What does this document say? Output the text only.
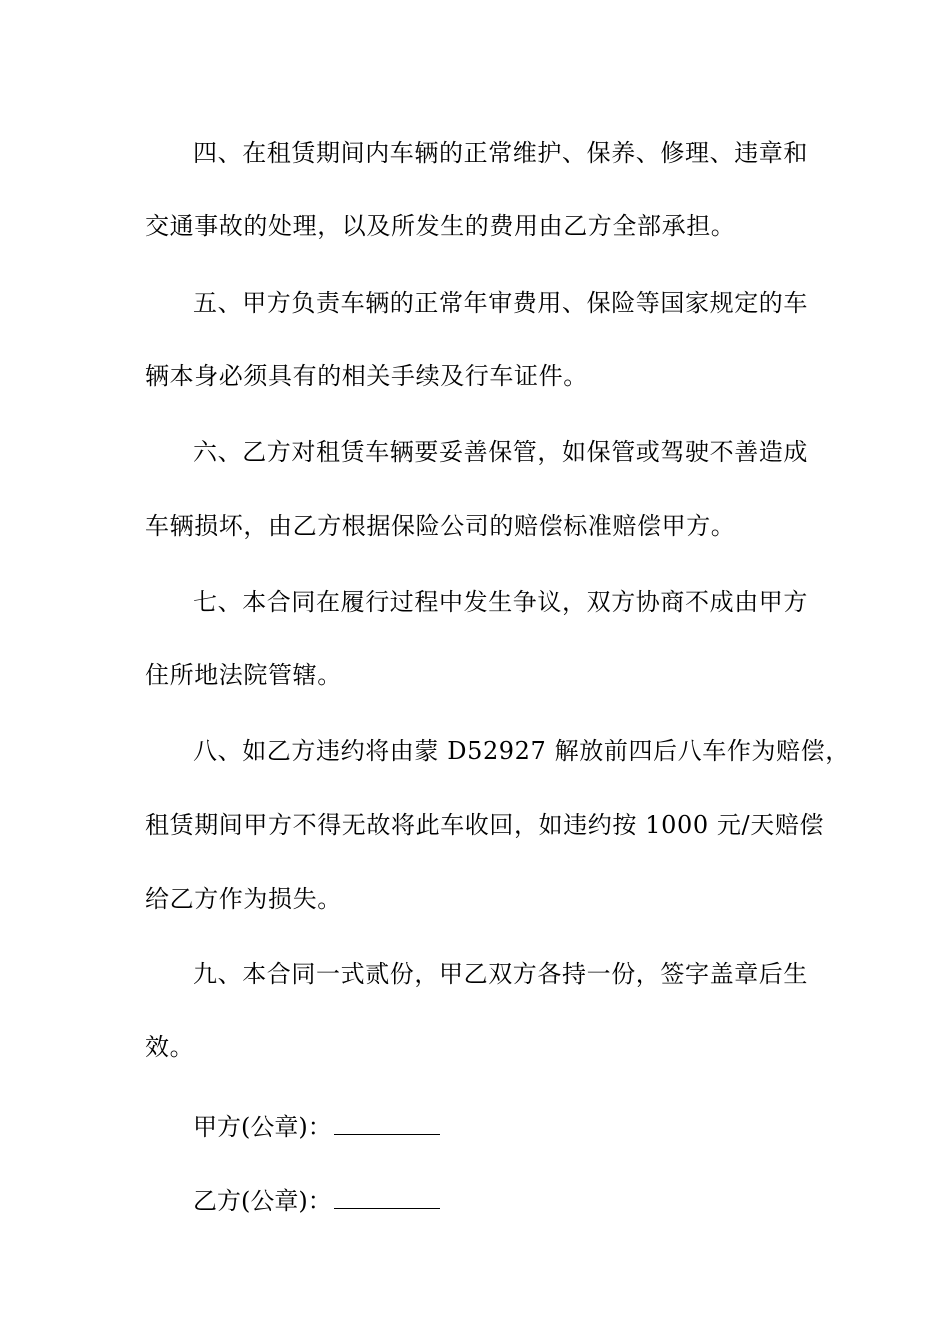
四、在租赁期间内车辆的正常维护、保养、修理、违章和
交通事故的处理，以及所发生的费用由乙方全部承担。
五、甲方负责车辆的正常年审费用、保险等国家规定的车
辆本身必须具有的相关手续及行车证件。
六、乙方对租赁车辆要妥善保管，如保管或驾驶不善造成
车辆损坏，由乙方根据保险公司的赔偿标准赔偿甲方。
七、本合同在履行过程中发生争议，双方协商不成由甲方
住所地法院管辖。
八、如乙方违约将由蒙 D52927 解放前四后八车作为赔偿，
租赁期间甲方不得无故将此车收回，如违约按 1000 元/天赔偿
给乙方作为损失。
九、本合同一式贰份，甲乙双方各持一份，签字盖章后生
效。
甲方(公章)：
乙方(公章)：
